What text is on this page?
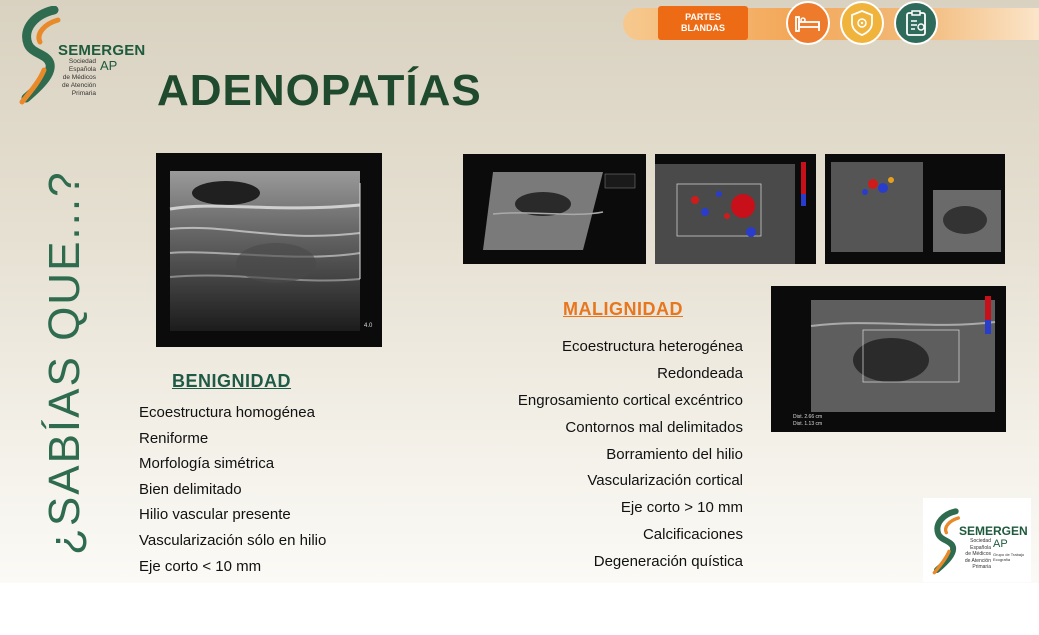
SEMERGEN
AP
Sociedad
Española
de Médicos
de Atención
Primaria
¿SABÍAS QUE...?
ADENOPATÍAS
PARTES
BLANDAS
4.0
Dist. 2.66 cm
Dist. 1.13 cm
BENIGNIDAD
Ecoestructura homogénea
Reniforme
Morfología simétrica
Bien delimitado
Hilio vascular presente
Vascularización sólo en hilio
Eje corto < 10 mm
MALIGNIDAD
Ecoestructura heterogénea
Redondeada
Engrosamiento cortical excéntrico
Contornos mal delimitados
Borramiento del hilio
Vascularización cortical
Eje corto > 10 mm
Calcificaciones
Degeneración quística
SEMERGEN
AP
Sociedad
Española
de Médicos
de Atención
Primaria
Grupo de Trabajo
Ecografía
